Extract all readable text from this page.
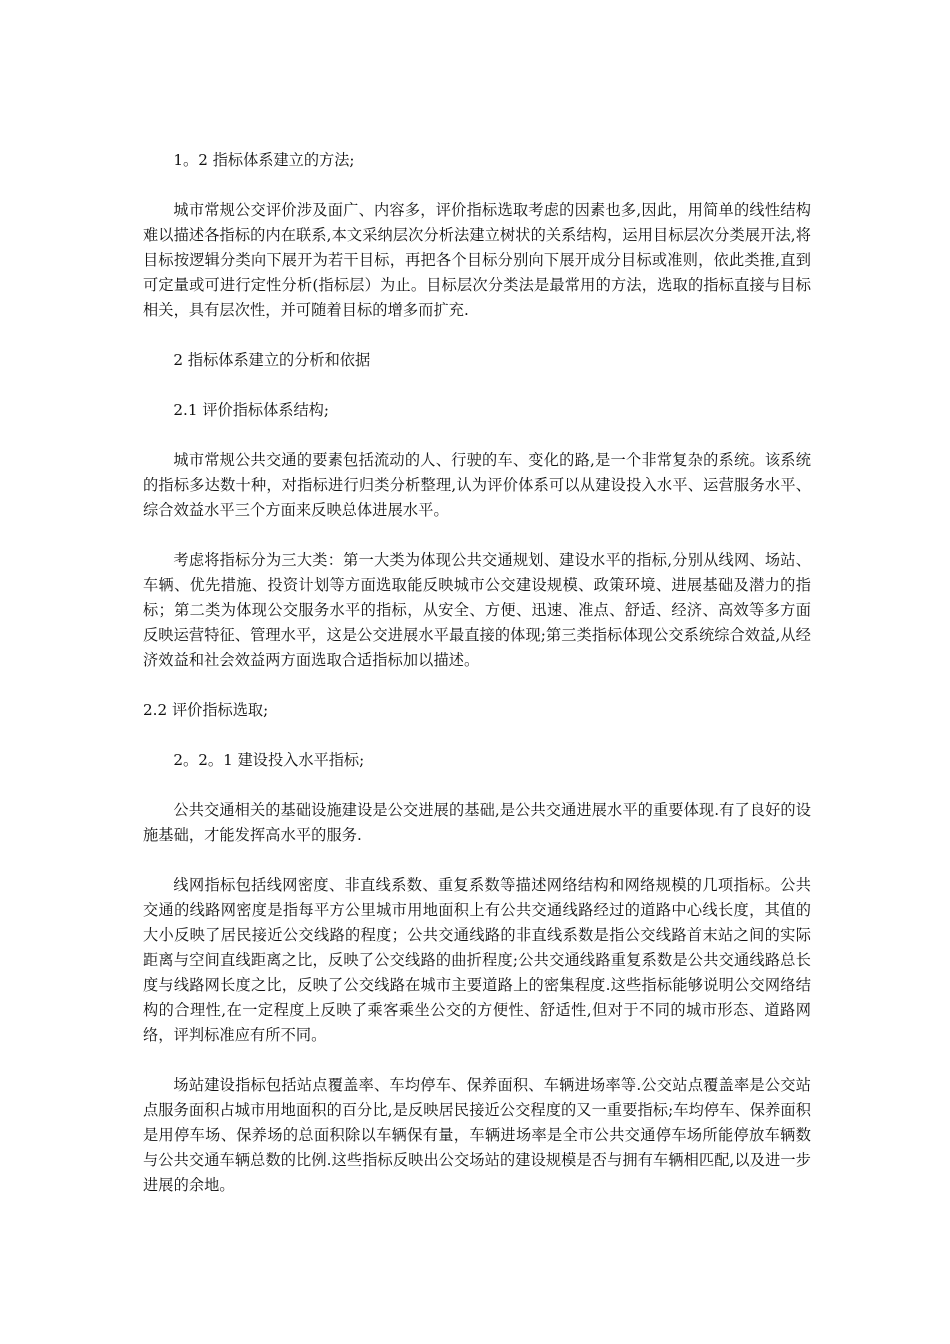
1。2 指标体系建立的方法;

城市常规公交评价涉及面广、内容多，评价指标选取考虑的因素也多,因此，用简单的线性结构难以描述各指标的内在联系,本文采纳层次分析法建立树状的关系结构，运用目标层次分类展开法,将目标按逻辑分类向下展开为若干目标，再把各个目标分别向下展开成分目标或准则，依此类推,直到可定量或可进行定性分析(指标层）为止。目标层次分类法是最常用的方法，选取的指标直接与目标相关，具有层次性，并可随着目标的增多而扩充.

2 指标体系建立的分析和依据

2.1 评价指标体系结构;

城市常规公共交通的要素包括流动的人、行驶的车、变化的路,是一个非常复杂的系统。该系统的指标多达数十种，对指标进行归类分析整理,认为评价体系可以从建设投入水平、运营服务水平、综合效益水平三个方面来反映总体进展水平。

考虑将指标分为三大类：第一大类为体现公共交通规划、建设水平的指标,分别从线网、场站、车辆、优先措施、投资计划等方面选取能反映城市公交建设规模、政策环境、进展基础及潜力的指标；第二类为体现公交服务水平的指标，从安全、方便、迅速、准点、舒适、经济、高效等多方面反映运营特征、管理水平，这是公交进展水平最直接的体现;第三类指标体现公交系统综合效益,从经济效益和社会效益两方面选取合适指标加以描述。

2.2 评价指标选取;

2。2。1 建设投入水平指标;

公共交通相关的基础设施建设是公交进展的基础,是公共交通进展水平的重要体现.有了良好的设施基础，才能发挥高水平的服务.

线网指标包括线网密度、非直线系数、重复系数等描述网络结构和网络规模的几项指标。公共交通的线路网密度是指每平方公里城市用地面积上有公共交通线路经过的道路中心线长度，其值的大小反映了居民接近公交线路的程度；公共交通线路的非直线系数是指公交线路首末站之间的实际距离与空间直线距离之比，反映了公交线路的曲折程度;公共交通线路重复系数是公共交通线路总长度与线路网长度之比，反映了公交线路在城市主要道路上的密集程度.这些指标能够说明公交网络结构的合理性,在一定程度上反映了乘客乘坐公交的方便性、舒适性,但对于不同的城市形态、道路网络，评判标准应有所不同。

场站建设指标包括站点覆盖率、车均停车、保养面积、车辆进场率等.公交站点覆盖率是公交站点服务面积占城市用地面积的百分比,是反映居民接近公交程度的又一重要指标;车均停车、保养面积是用停车场、保养场的总面积除以车辆保有量，车辆进场率是全市公共交通停车场所能停放车辆数与公共交通车辆总数的比例.这些指标反映出公交场站的建设规模是否与拥有车辆相匹配,以及进一步进展的余地。
